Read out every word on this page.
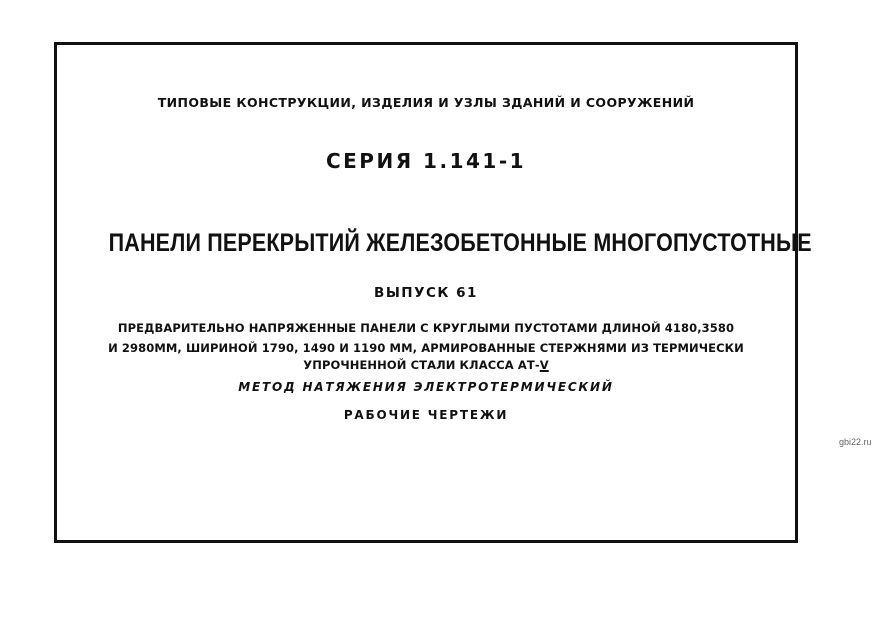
ТИПОВЫЕ КОНСТРУКЦИИ, ИЗДЕЛИЯ И УЗЛЫ ЗДАНИЙ И СООРУЖЕНИЙ
СЕРИЯ 1.141-1
ПАНЕЛИ ПЕРЕКРЫТИЙ ЖЕЛЕЗОБЕТОННЫЕ МНОГОПУСТОТНЫЕ
ВЫПУСК 61
ПРЕДВАРИТЕЛЬНО НАПРЯЖЕННЫЕ ПАНЕЛИ С КРУГЛЫМИ ПУСТОТАМИ ДЛИНОЙ 4180,3580
И 2980ММ, ШИРИНОЙ 1790, 1490 И 1190 ММ, АРМИРОВАННЫЕ СТЕРЖНЯМИ ИЗ ТЕРМИЧЕСКИ
УПРОЧНЕННОЙ СТАЛИ КЛАССА АТ-V
МЕТОД НАТЯЖЕНИЯ ЭЛЕКТРОТЕРМИЧЕСКИЙ
РАБОЧИЕ ЧЕРТЕЖИ
gbi22.ru
